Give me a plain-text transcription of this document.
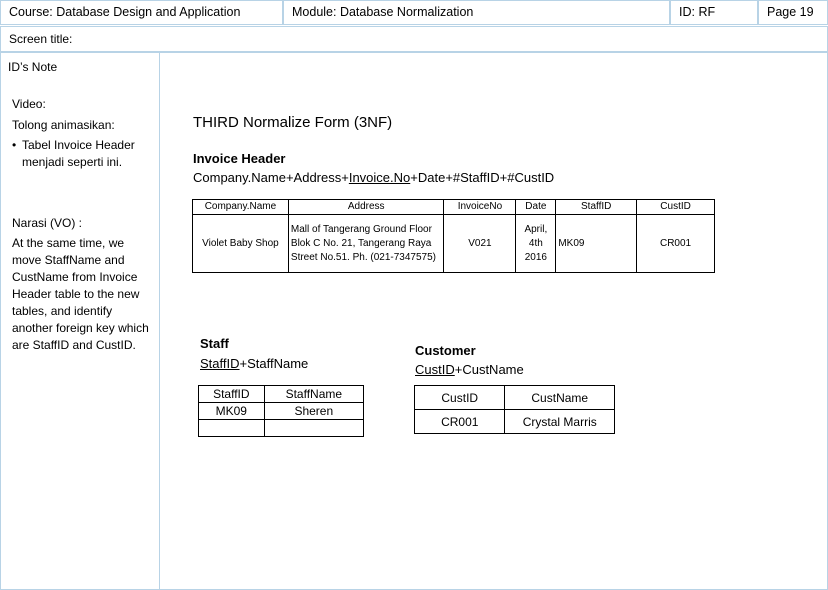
Course: Database Design and Application	Module: Database Normalization	ID: RF	Page 19
Screen title:
ID’s Note
Video:
Tolong animasikan:
• Tabel Invoice Header menjadi seperti ini.
Narasi (VO) :
At the same time, we move StaffName and CustName from Invoice Header table to the new tables, and identify another foreign key which are StaffID and CustID.
THIRD Normalize Form (3NF)
Invoice Header
Company.Name+Address+Invoice.No+Date+#StaffID+#CustID
Company.Name	Address	InvoiceNo	Date	StaffID	CustID
Violet Baby Shop	Mall of Tangerang Ground Floor Blok C No. 21, Tangerang Raya Street No.51. Ph. (021-7347575)	V021	April, 4th 2016	MK09	CR001
Staff
StaffID+StaffName
StaffID	StaffName
MK09	Sheren

Customer
CustID+CustName
CustID	CustName
CR001	Crystal Marris
